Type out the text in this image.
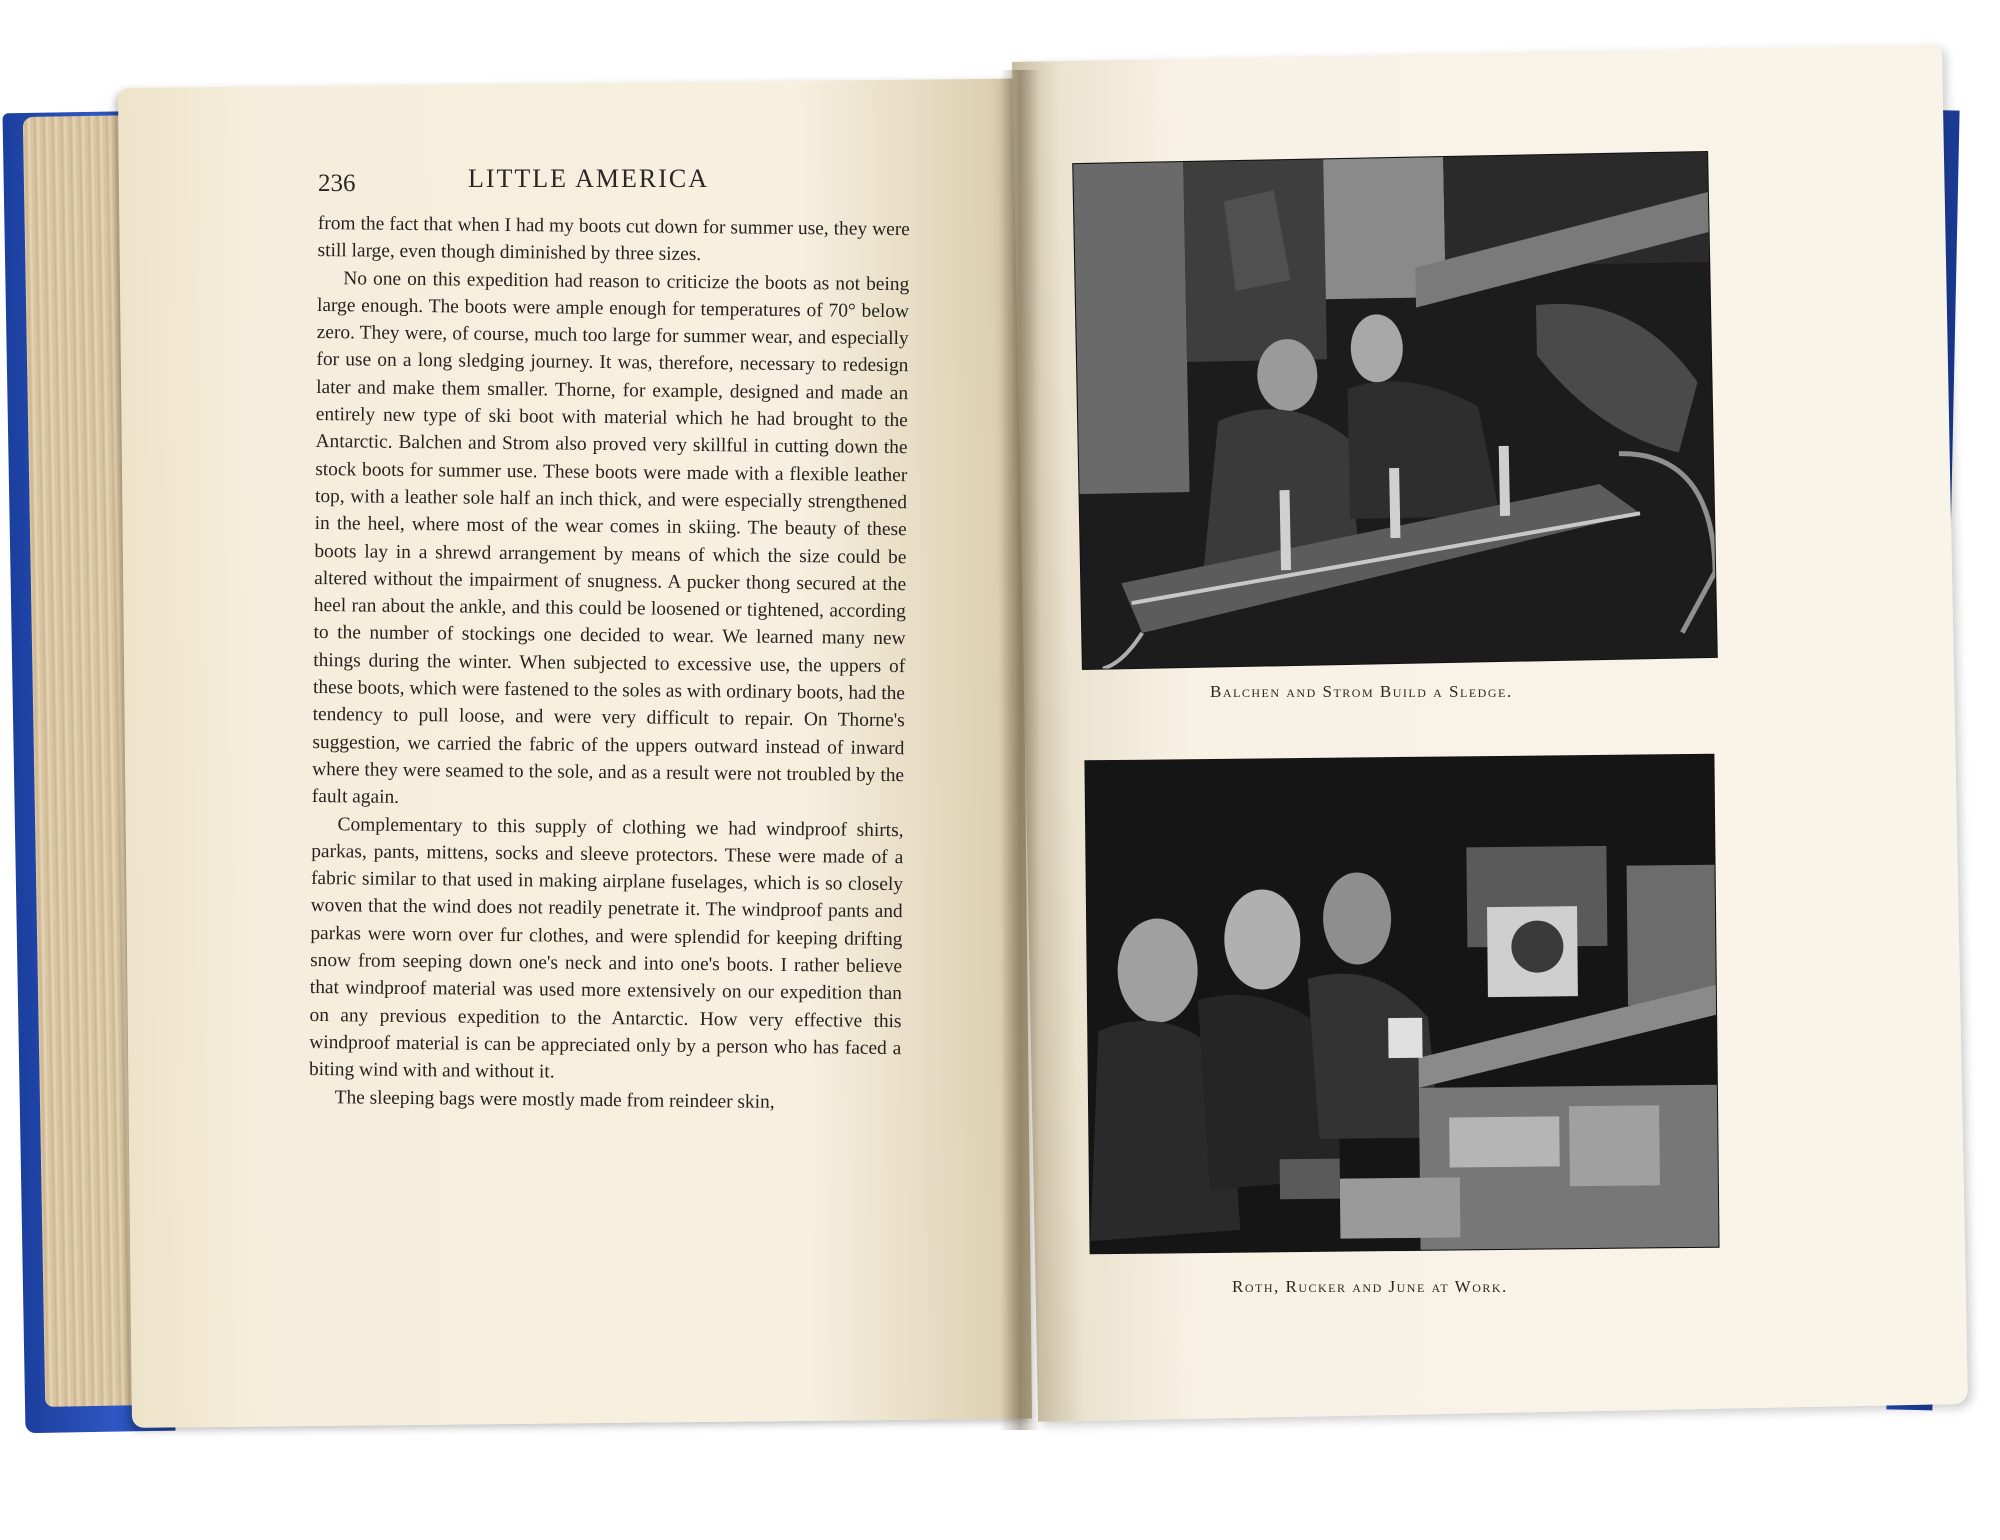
236	LITTLE AMERICA

from the fact that when I had my boots cut down for summer use, they were still large, even though diminished by three sizes.

No one on this expedition had reason to criticize the boots as not being large enough. The boots were ample enough for temperatures of 70° below zero. They were, of course, much too large for summer wear, and especially for use on a long sledging journey. It was, therefore, necessary to redesign later and make them smaller. Thorne, for example, designed and made an entirely new type of ski boot with material which he had brought to the Antarctic. Balchen and Strom also proved very skillful in cutting down the stock boots for summer use. These boots were made with a flexible leather top, with a leather sole half an inch thick, and were especially strengthened in the heel, where most of the wear comes in skiing. The beauty of these boots lay in a shrewd arrangement by means of which the size could be altered without the impairment of snugness. A pucker thong secured at the heel ran about the ankle, and this could be loosened or tightened, according to the number of stockings one decided to wear. We learned many new things during the winter. When subjected to excessive use, the uppers of these boots, which were fastened to the soles as with ordinary boots, had the tendency to pull loose, and were very difficult to repair. On Thorne's suggestion, we carried the fabric of the uppers outward instead of inward where they were seamed to the sole, and as a result were not troubled by the fault again.

Complementary to this supply of clothing we had windproof shirts, parkas, pants, mittens, socks and sleeve protectors. These were made of a fabric similar to that used in making airplane fuselages, which is so closely woven that the wind does not readily penetrate it. The windproof pants and parkas were worn over fur clothes, and were splendid for keeping drifting snow from seeping down one's neck and into one's boots. I rather believe that windproof material was used more extensively on our expedition than on any previous expedition to the Antarctic. How very effective this windproof material is can be appreciated only by a person who has faced a biting wind with and without it.

The sleeping bags were mostly made from reindeer skin,

Balchen and Strom Build a Sledge.
Roth, Rucker and June at Work.
